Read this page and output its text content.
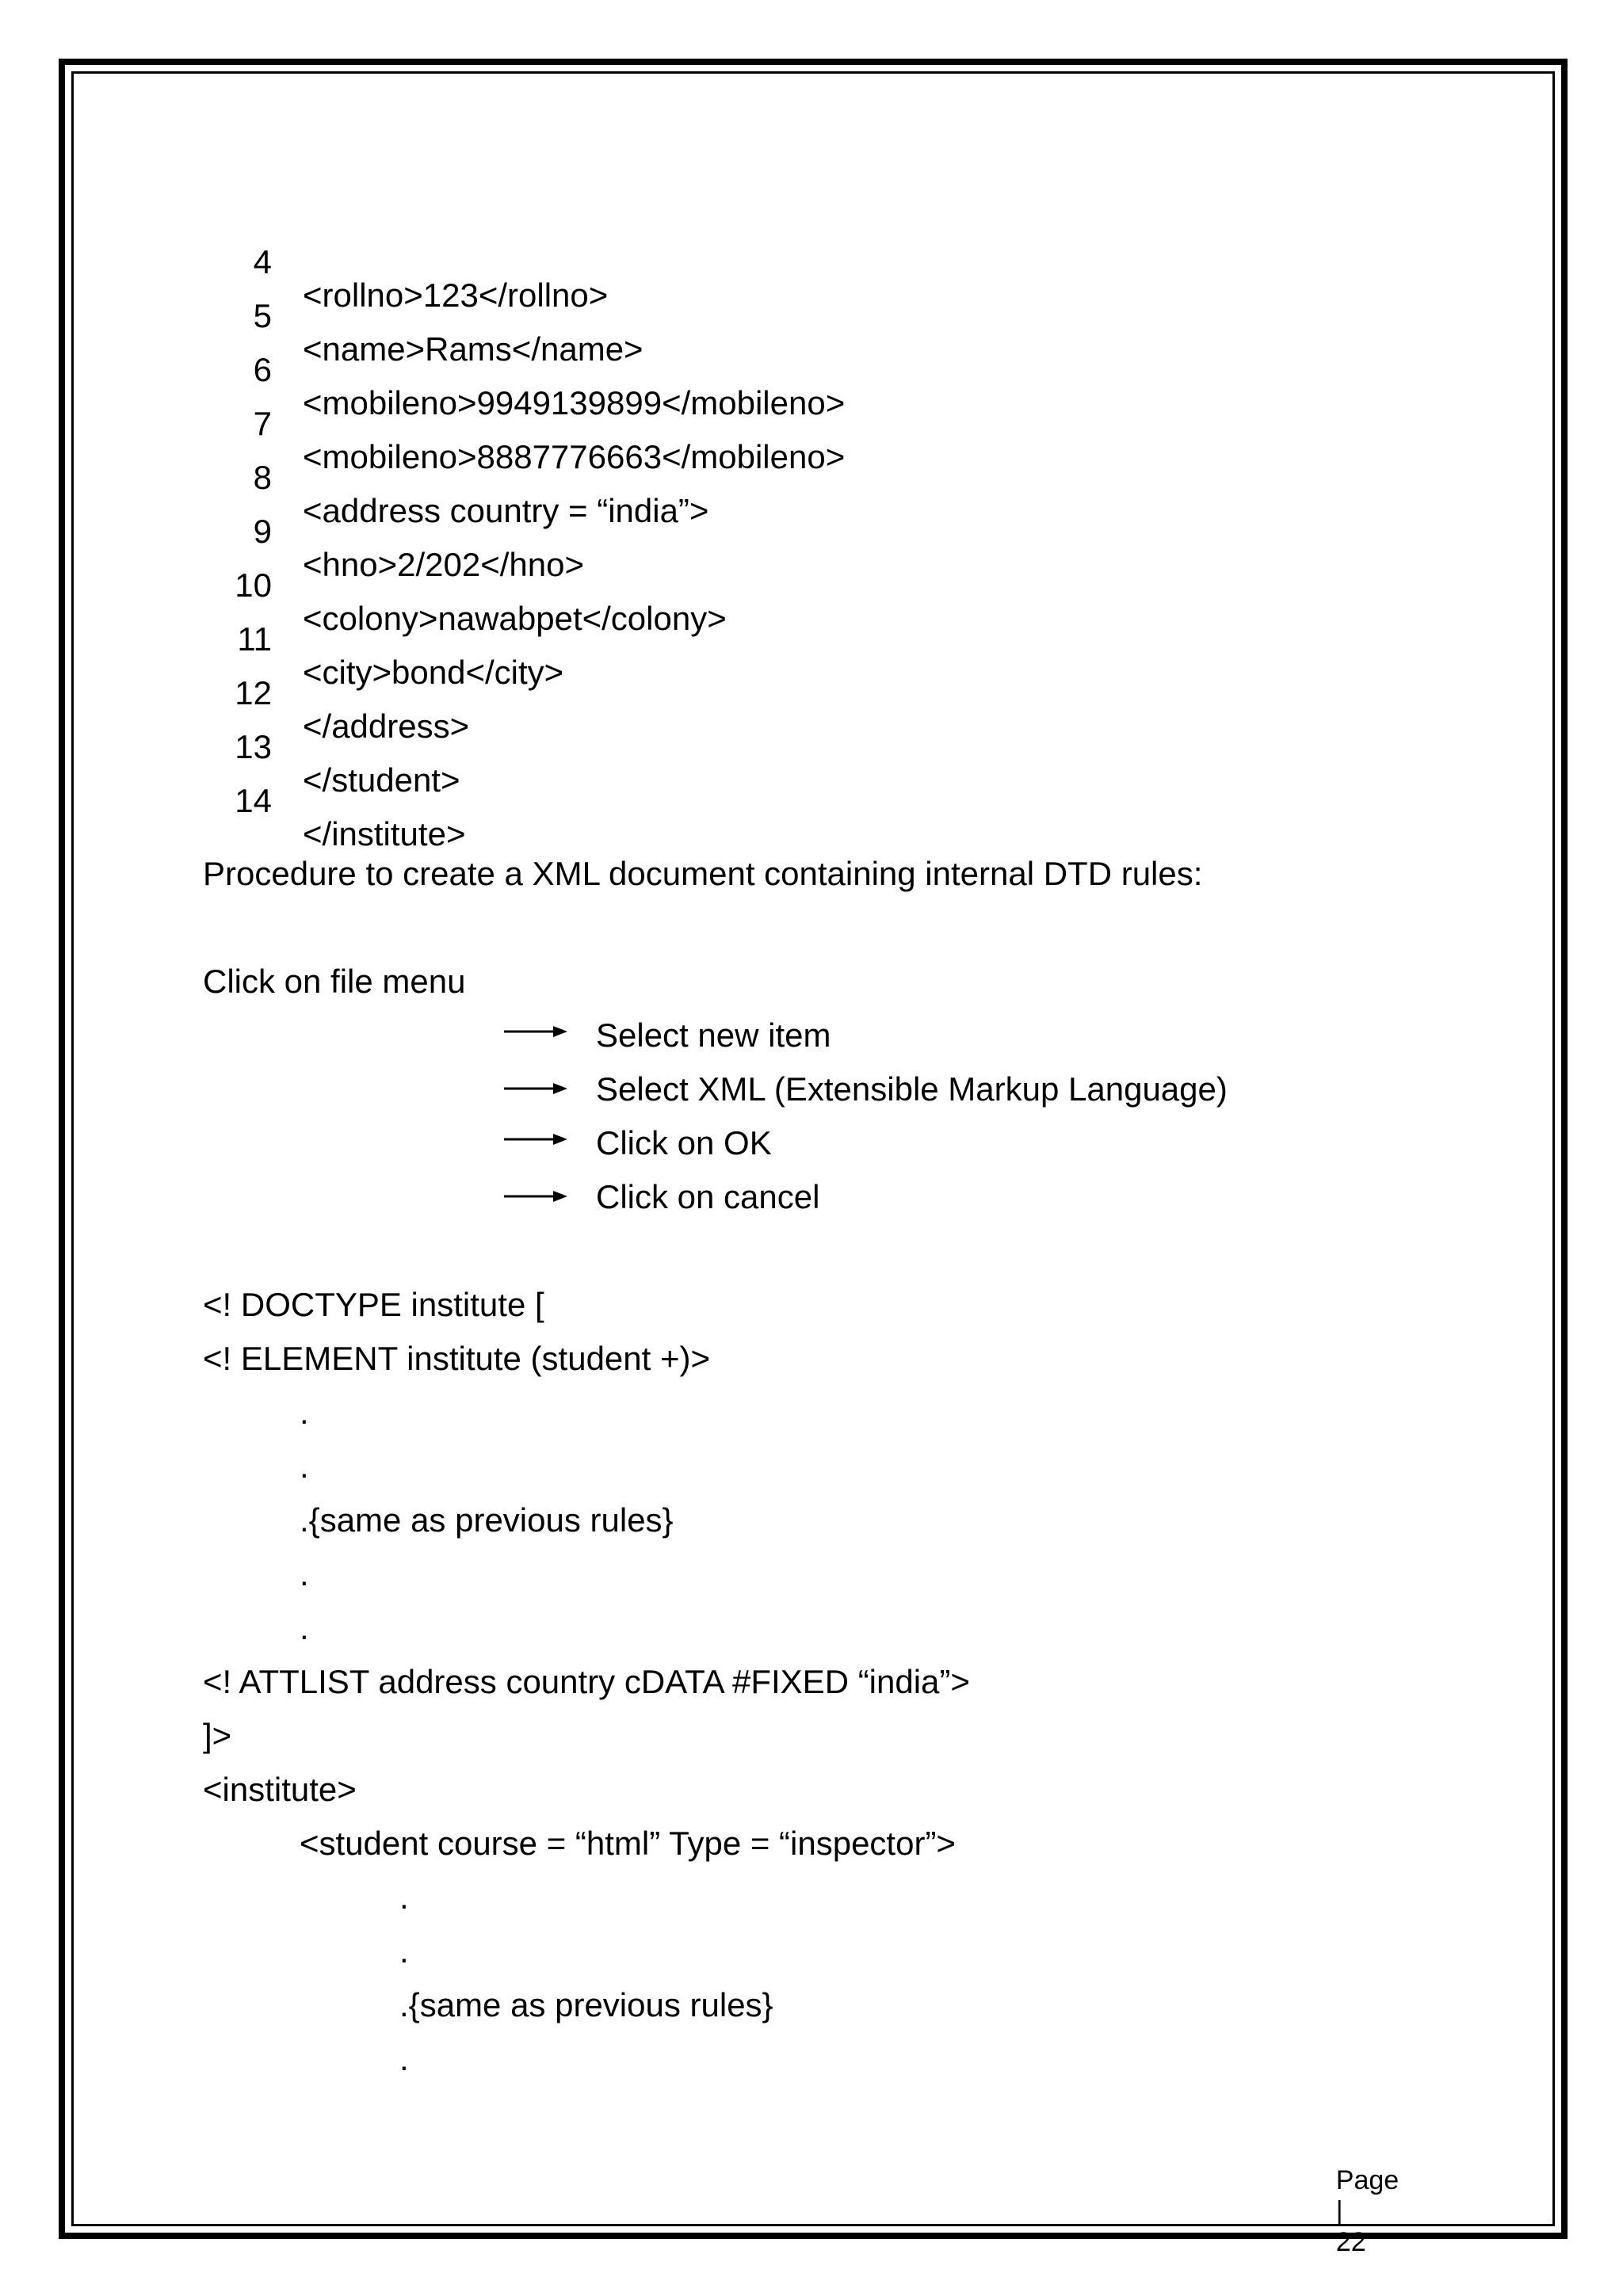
4

<rollno>123</rollno>

5

<name>Rams</name>

6

<mobileno>9949139899</mobileno>

7

<mobileno>8887776663</mobileno>

8

<address country = “india”>

9

<hno>2/202</hno>

10

<colony>nawabpet</colony>

11

<city>bond</city>

12

</address>

13

</student>

14

</institute>

Procedure to create a XML document containing internal DTD rules:
Click on file menu
Select new item
Select XML (Extensible Markup Language)
Click on OK
Click on cancel
<! DOCTYPE institute [
<! ELEMENT institute (student +)>
.
.
.{same as previous rules}
.
.
<! ATTLIST address country cDATA #FIXED “india”>
]>
<institute>
<student course = “html” Type = “inspector”>
.
.
.{same as previous rules}
.

Page
|
22
